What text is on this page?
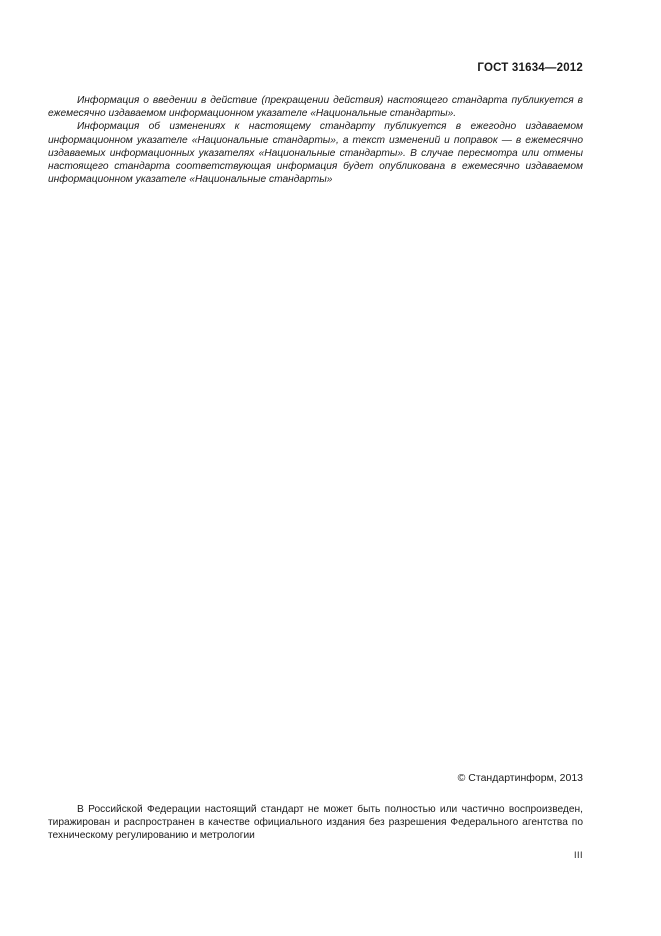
ГОСТ 31634—2012

Информация о введении в действие (прекращении действия) настоящего стандарта публикуется в ежемесячно издаваемом информационном указателе «Национальные стандарты».

Информация об изменениях к настоящему стандарту публикуется в ежегодно издаваемом информационном указателе «Национальные стандарты», а текст изменений и поправок — в ежемесячно издаваемых информационных указателях «Национальные стандарты». В случае пересмотра или отмены настоящего стандарта соответствующая информация будет опубликована в ежемесячно издаваемом информационном указателе «Национальные стандарты»

© Стандартинформ, 2013

В Российской Федерации настоящий стандарт не может быть полностью или частично воспроизведен, тиражирован и распространен в качестве официального издания без разрешения Федерального агентства по техническому регулированию и метрологии

III
